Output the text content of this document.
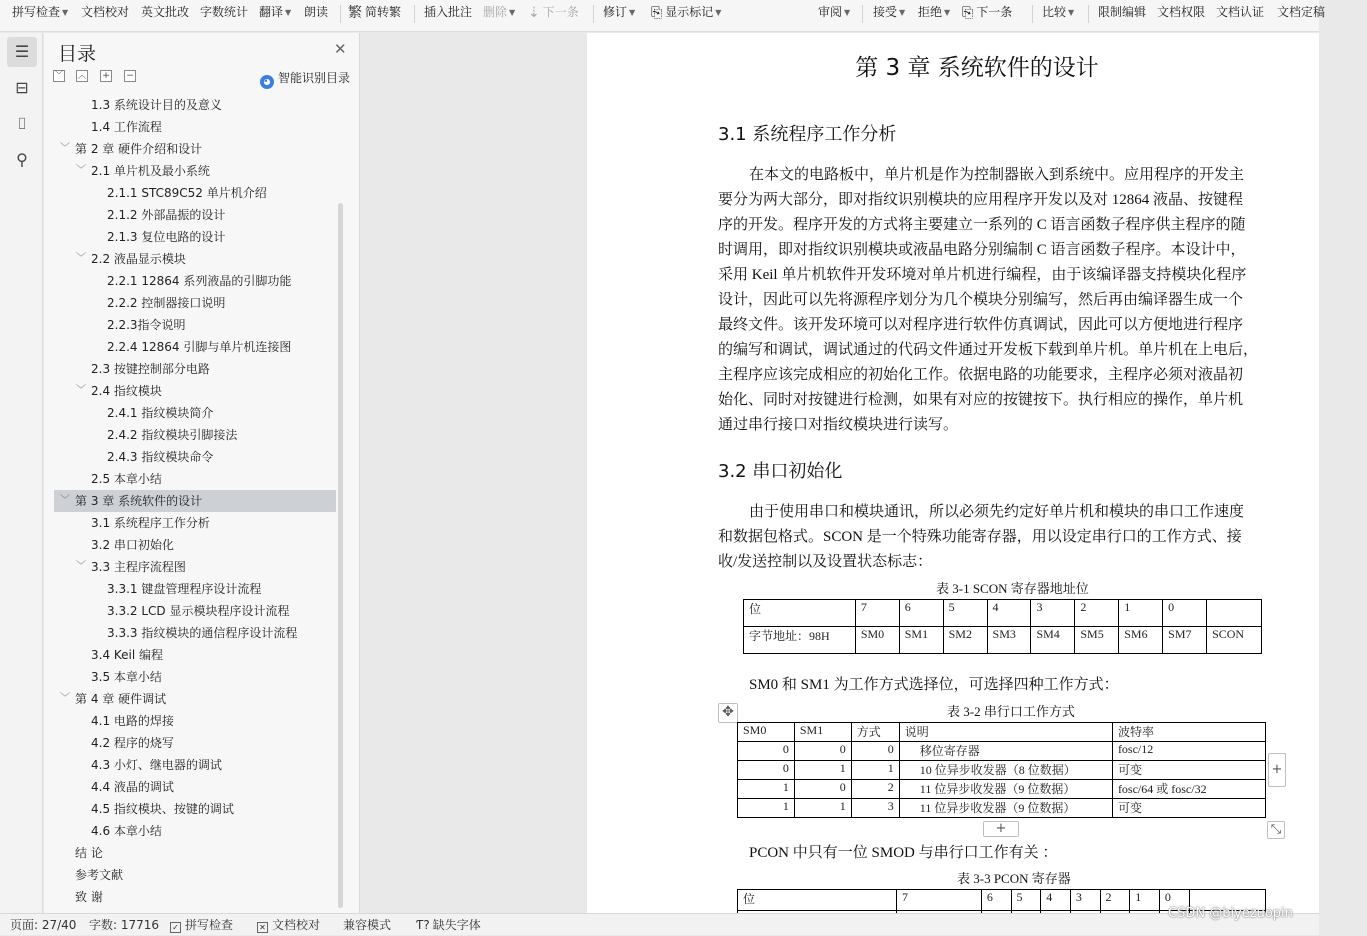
拼写检查 ▼ 文档校对 英文批改 字数统计 翻译 ▼ 朗读 繁 简转繁 插入批注 删除 ▼ ⇣ 下一条 修订 ▼ ⎘ 显示标记 ▼	审阅 ▼ 接受 ▼ 拒绝 ▼ ⎘ 下一条 比较 ▼ 限制编辑 文档权限 文档认证 文档定稿
☰
⊟
⌷
⚲
目录	✕
﹀ ︿ + −
◕ 智能识别目录
1.3 系统设计目的及意义
1.4 工作流程
﹀ 第 2 章 硬件介绍和设计
﹀ 2.1 单片机及最小系统
2.1.1 STC89C52 单片机介绍
2.1.2 外部晶振的设计
2.1.3 复位电路的设计
﹀ 2.2 液晶显示模块
2.2.1 12864 系列液晶的引脚功能
2.2.2 控制器接口说明
2.2.3指令说明
2.2.4 12864 引脚与单片机连接图
2.3 按键控制部分电路
﹀ 2.4 指纹模块
2.4.1 指纹模块简介
2.4.2 指纹模块引脚接法
2.4.3 指纹模块命令
2.5 本章小结
﹀ 第 3 章 系统软件的设计
3.1 系统程序工作分析
3.2 串口初始化
﹀ 3.3 主程序流程图
3.3.1 键盘管理程序设计流程
3.3.2 LCD 显示模块程序设计流程
3.3.3 指纹模块的通信程序设计流程
3.4 Keil 编程
3.5 本章小结
﹀ 第 4 章 硬件调试
4.1 电路的焊接
4.2 程序的烧写
4.3 小灯、继电器的调试
4.4 液晶的调试
4.5 指纹模块、按键的调试
4.6 本章小结
结 论
参考文献
致 谢
第 3 章 系统软件的设计
3.1 系统程序工作分析
在本文的电路板中，单片机是作为控制器嵌入到系统中。应用程序的开发主
要分为两大部分，即对指纹识别模块的应用程序开发以及对 12864 液晶、按键程
序的开发。程序开发的方式将主要建立一系列的 C 语言函数子程序供主程序的随
时调用，即对指纹识别模块或液晶电路分别编制 C 语言函数子程序。本设计中，
采用 Keil 单片机软件开发环境对单片机进行编程，由于该编译器支持模块化程序
设计，因此可以先将源程序划分为几个模块分别编写，然后再由编译器生成一个
最终文件。该开发环境可以对程序进行软件仿真调试，因此可以方便地进行程序
的编写和调试，调试通过的代码文件通过开发板下载到单片机。单片机在上电后，
主程序应该完成相应的初始化工作。依据电路的功能要求，主程序必须对液晶初
始化、同时对按键进行检测，如果有对应的按键按下。执行相应的操作，单片机
通过串行接口对指纹模块进行读写。
3.2 串口初始化
由于使用串口和模块通讯，所以必须先约定好单片机和模块的串口工作速度
和数据包格式。SCON 是一个特殊功能寄存器，用以设定串行口的工作方式、接
收/发送控制以及设置状态标志：
表 3-1 SCON 寄存器地址位
位	7	6	5	4	3	2	1	0	
字节地址：98H	SM0	SM1	SM2	SM3	SM4	SM5	SM6	SM7	SCON
SM0 和 SM1 为工作方式选择位，可选择四种工作方式：
✥	表 3-2 串行口工作方式
SM0	SM1	方式	说明	波特率
0	0	0	移位寄存器	fosc/12
0	1	1	10 位异步收发器（8 位数据）	可变
1	0	2	11 位异步收发器（9 位数据）	fosc/64 或 fosc/32
1	1	3	11 位异步收发器（9 位数据）	可变
+
+	⤡
PCON 中只有一位 SMOD 与串行口工作有关 ：
表 3-3 PCON 寄存器
位	7	6	5	4	3	2	1	0	

页面: 27/40 字数: 17716 ✓ 拼写检查	✕ 文档校对 兼容模式 Ƭ? 缺失字体
CSDN @biyezuopin
